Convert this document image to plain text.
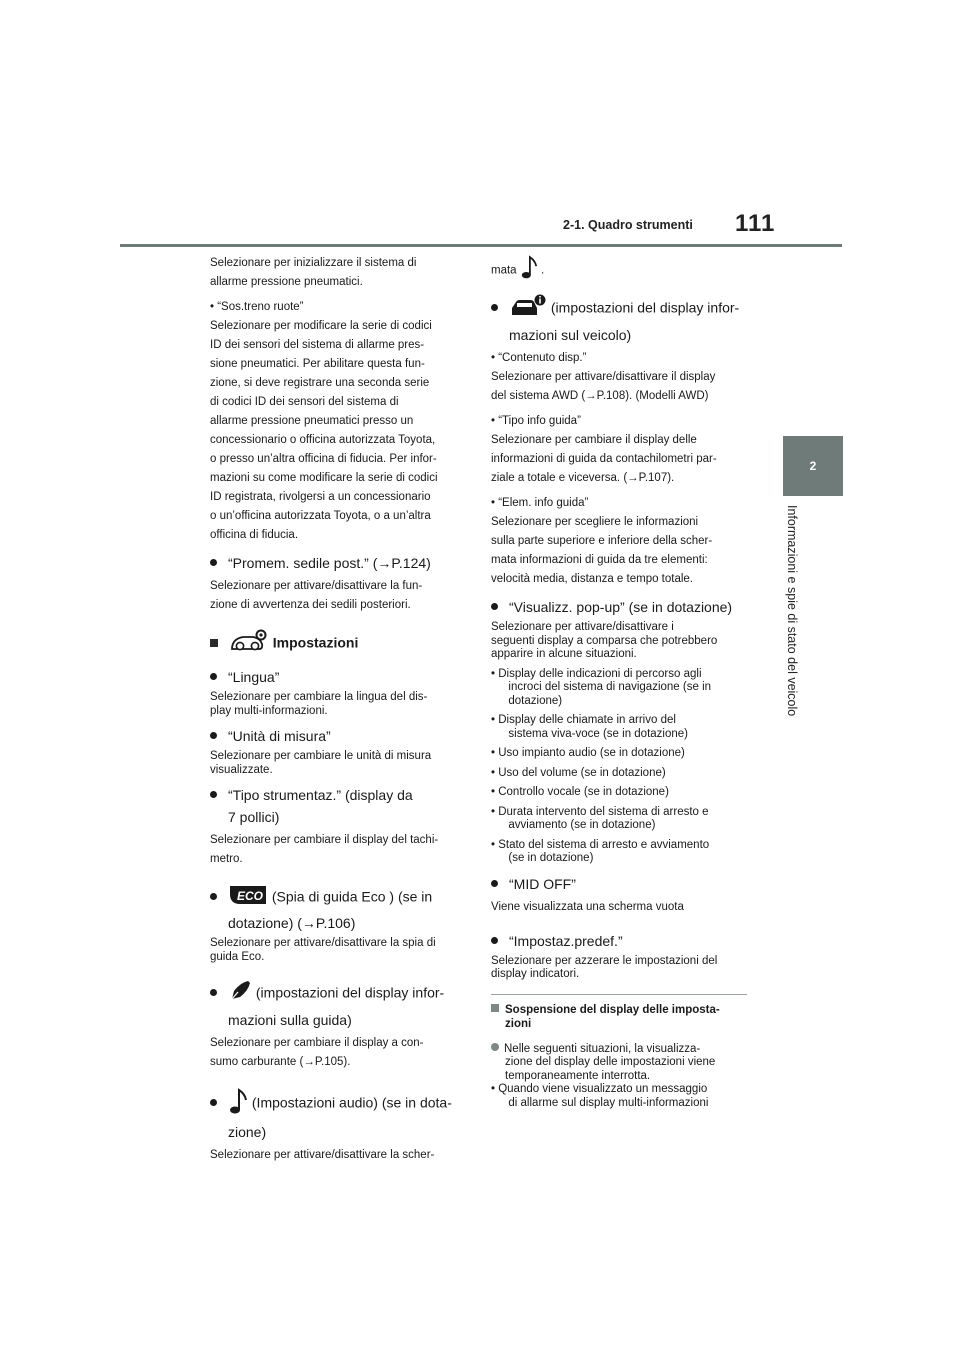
2-1. Quadro strumenti 111
2
Informazioni e spie di stato del veicolo

Selezionare per inizializzare il sistema di

allarme pressione pneumatici.

• “Sos.treno ruote”

Selezionare per modificare la serie di codici

ID dei sensori del sistema di allarme pres-

sione pneumatici. Per abilitare questa fun-

zione, si deve registrare una seconda serie

di codici ID dei sensori del sistema di

allarme pressione pneumatici presso un

concessionario o officina autorizzata Toyota,

o presso un’altra officina di fiducia. Per infor-

mazioni su come modificare la serie di codici

ID registrata, rivolgersi a un concessionario

o un’officina autorizzata Toyota, o a un’altra

officina di fiducia.

“Promem. sedile post.” (→P.124)

Selezionare per attivare/disattivare la fun-

zione di avvertenza dei sedili posteriori.

Impostazioni

“Lingua”

Selezionare per cambiare la lingua del dis-

play multi-informazioni.

“Unità di misura”

Selezionare per cambiare le unità di misura

visualizzate.

“Tipo strumentaz.” (display da
7 pollici)

Selezionare per cambiare il display del tachi-

metro.

ECO (Spia di guida Eco ) (se in
dotazione) (→P.106)

Selezionare per attivare/disattivare la spia di

guida Eco.

(impostazioni del display infor-
mazioni sulla guida)

Selezionare per cambiare il display a con-

sumo carburante (→P.105).

(Impostazioni audio) (se in dota-
zione)

Selezionare per attivare/disattivare la scher-

mata .

(impostazioni del display infor-
mazioni sul veicolo)

• “Contenuto disp.”

Selezionare per attivare/disattivare il display

del sistema AWD (→P.108). (Modelli AWD)

• “Tipo info guida”

Selezionare per cambiare il display delle

informazioni di guida da contachilometri par-

ziale a totale e viceversa. (→P.107).

• “Elem. info guida”

Selezionare per scegliere le informazioni

sulla parte superiore e inferiore della scher-

mata informazioni di guida da tre elementi:

velocità media, distanza e tempo totale.

“Visualizz. pop-up” (se in dotazione)

Selezionare per attivare/disattivare i

seguenti display a comparsa che potrebbero

apparire in alcune situazioni.

• Display delle indicazioni di percorso agli
incroci del sistema di navigazione (se in
dotazione)

• Display delle chiamate in arrivo del
sistema viva-voce (se in dotazione)

• Uso impianto audio (se in dotazione)

• Uso del volume (se in dotazione)

• Controllo vocale (se in dotazione)

• Durata intervento del sistema di arresto e
avviamento (se in dotazione)

• Stato del sistema di arresto e avviamento
(se in dotazione)

“MID OFF”

Viene visualizzata una scherma vuota

“Impostaz.predef.”

Selezionare per azzerare le impostazioni del

display indicatori.

Sospensione del display delle imposta-
zioni

Nelle seguenti situazioni, la visualizza-
zione del display delle impostazioni viene
temporaneamente interrotta.

• Quando viene visualizzato un messaggio
di allarme sul display multi-informazioni
